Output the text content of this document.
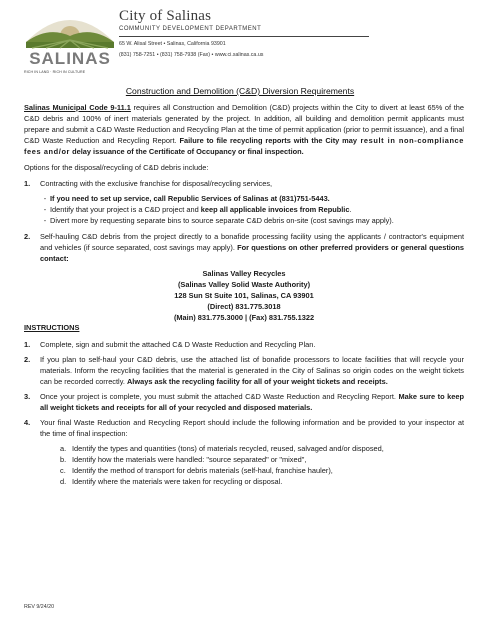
SALINAS
RICH IN LAND · RICH IN CULTURE
City of Salinas
COMMUNITY DEVELOPMENT DEPARTMENT
65 W. Alisal Street • Salinas, California 93901
(831) 758-7251 • (831) 758-7938 (Fax) • www.ci.salinas.ca.us
Construction and Demolition (C&D) Diversion Requirements

Salinas Municipal Code 9-11.1 requires all Construction and Demolition (C&D) projects within the City to divert at least 65% of the C&D debris and 100% of inert materials generated by the project. In addition, all building and demolition permit applicants must prepare and submit a C&D Waste Reduction and Recycling Plan at the time of permit application (prior to permit issuance), and a final C&D Waste Reduction and Recycling Report. Failure to file recycling reports with the City may result in non-compliance fees and/or delay issuance of the Certificate of Occupancy or final inspection.

Options for the disposal/recycling of C&D debris include:

1.	Contracting with the exclusive franchise for disposal/recycling services,
- If you need to set up service, call Republic Services of Salinas at (831)751-5443.
- Identify that your project is a C&D project and keep all applicable invoices from Republic.
- Divert more by requesting separate bins to source separate C&D debris on-site (cost savings may apply).
2.	Self-hauling C&D debris from the project directly to a bonafide processing facility using the applicants / contractor's equipment and vehicles (if source separated, cost savings may apply). For questions on other preferred providers or general questions contact:
Salinas Valley Recycles
(Salinas Valley Solid Waste Authority)
128 Sun St Suite 101, Salinas, CA 93901
(Direct) 831.775.3018
(Main) 831.775.3000 | (Fax) 831.755.1322
INSTRUCTIONS
1.	Complete, sign and submit the attached C& D Waste Reduction and Recycling Plan.
2.	If you plan to self-haul your C&D debris, use the attached list of bonafide processors to locate facilities that will recycle your materials. Inform the recycling facilities that the material is generated in the City of Salinas so origin codes on the weight tickets can be recorded correctly. Always ask the recycling facility for all of your weight tickets and receipts.
3.	Once your project is complete, you must submit the attached C&D Waste Reduction and Recycling Report. Make sure to keep all weight tickets and receipts for all of your recycled and disposed materials.
4.	Your final Waste Reduction and Recycling Report should include the following information and be provided to your inspector at the time of final inspection:
a. Identify the types and quantities (tons) of materials recycled, reused, salvaged and/or disposed,
b. Identify how the materials were handled: "source separated" or "mixed",
c. Identify the method of transport for debris materials (self-haul, franchise hauler),
d. Identify where the materials were taken for recycling or disposal.
REV 9/24/20
